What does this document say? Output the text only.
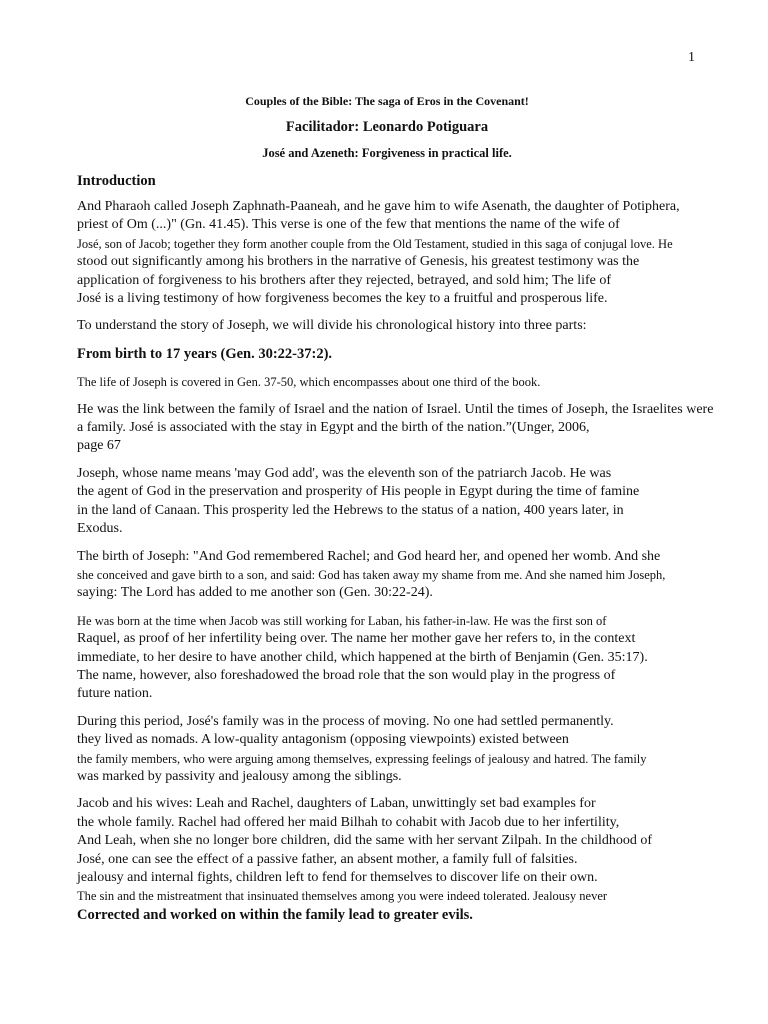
1
Couples of the Bible: The saga of Eros in the Covenant!
Facilitador: Leonardo Potiguara
José and Azeneth: Forgiveness in practical life.
Introduction
And Pharaoh called Joseph Zaphnath-Paaneah, and he gave him to wife Asenath, the daughter of Potiphera,
priest of Om (...)" (Gn. 41.45). This verse is one of the few that mentions the name of the wife of
José, son of Jacob; together they form another couple from the Old Testament, studied in this saga of conjugal love. He
stood out significantly among his brothers in the narrative of Genesis, his greatest testimony was the
application of forgiveness to his brothers after they rejected, betrayed, and sold him; The life of
José is a living testimony of how forgiveness becomes the key to a fruitful and prosperous life.
To understand the story of Joseph, we will divide his chronological history into three parts:
From birth to 17 years (Gen. 30:22-37:2).
The life of Joseph is covered in Gen. 37-50, which encompasses about one third of the book.
He was the link between the family of Israel and the nation of Israel. Until the times of Joseph, the Israelites were
a family. José is associated with the stay in Egypt and the birth of the nation.”(Unger, 2006,
page 67
Joseph, whose name means 'may God add', was the eleventh son of the patriarch Jacob. He was
the agent of God in the preservation and prosperity of His people in Egypt during the time of famine
in the land of Canaan. This prosperity led the Hebrews to the status of a nation, 400 years later, in
Exodus.
The birth of Joseph: "And God remembered Rachel; and God heard her, and opened her womb. And she
she conceived and gave birth to a son, and said: God has taken away my shame from me. And she named him Joseph,
saying: The Lord has added to me another son (Gen. 30:22-24).
He was born at the time when Jacob was still working for Laban, his father-in-law. He was the first son of
Raquel, as proof of her infertility being over. The name her mother gave her refers to, in the context
immediate, to her desire to have another child, which happened at the birth of Benjamin (Gen. 35:17).
The name, however, also foreshadowed the broad role that the son would play in the progress of
future nation.
During this period, José's family was in the process of moving. No one had settled permanently.
they lived as nomads. A low-quality antagonism (opposing viewpoints) existed between
the family members, who were arguing among themselves, expressing feelings of jealousy and hatred. The family
was marked by passivity and jealousy among the siblings.
Jacob and his wives: Leah and Rachel, daughters of Laban, unwittingly set bad examples for
the whole family. Rachel had offered her maid Bilhah to cohabit with Jacob due to her infertility,
And Leah, when she no longer bore children, did the same with her servant Zilpah. In the childhood of
José, one can see the effect of a passive father, an absent mother, a family full of falsities.
jealousy and internal fights, children left to fend for themselves to discover life on their own.
The sin and the mistreatment that insinuated themselves among you were indeed tolerated. Jealousy never
Corrected and worked on within the family lead to greater evils.
